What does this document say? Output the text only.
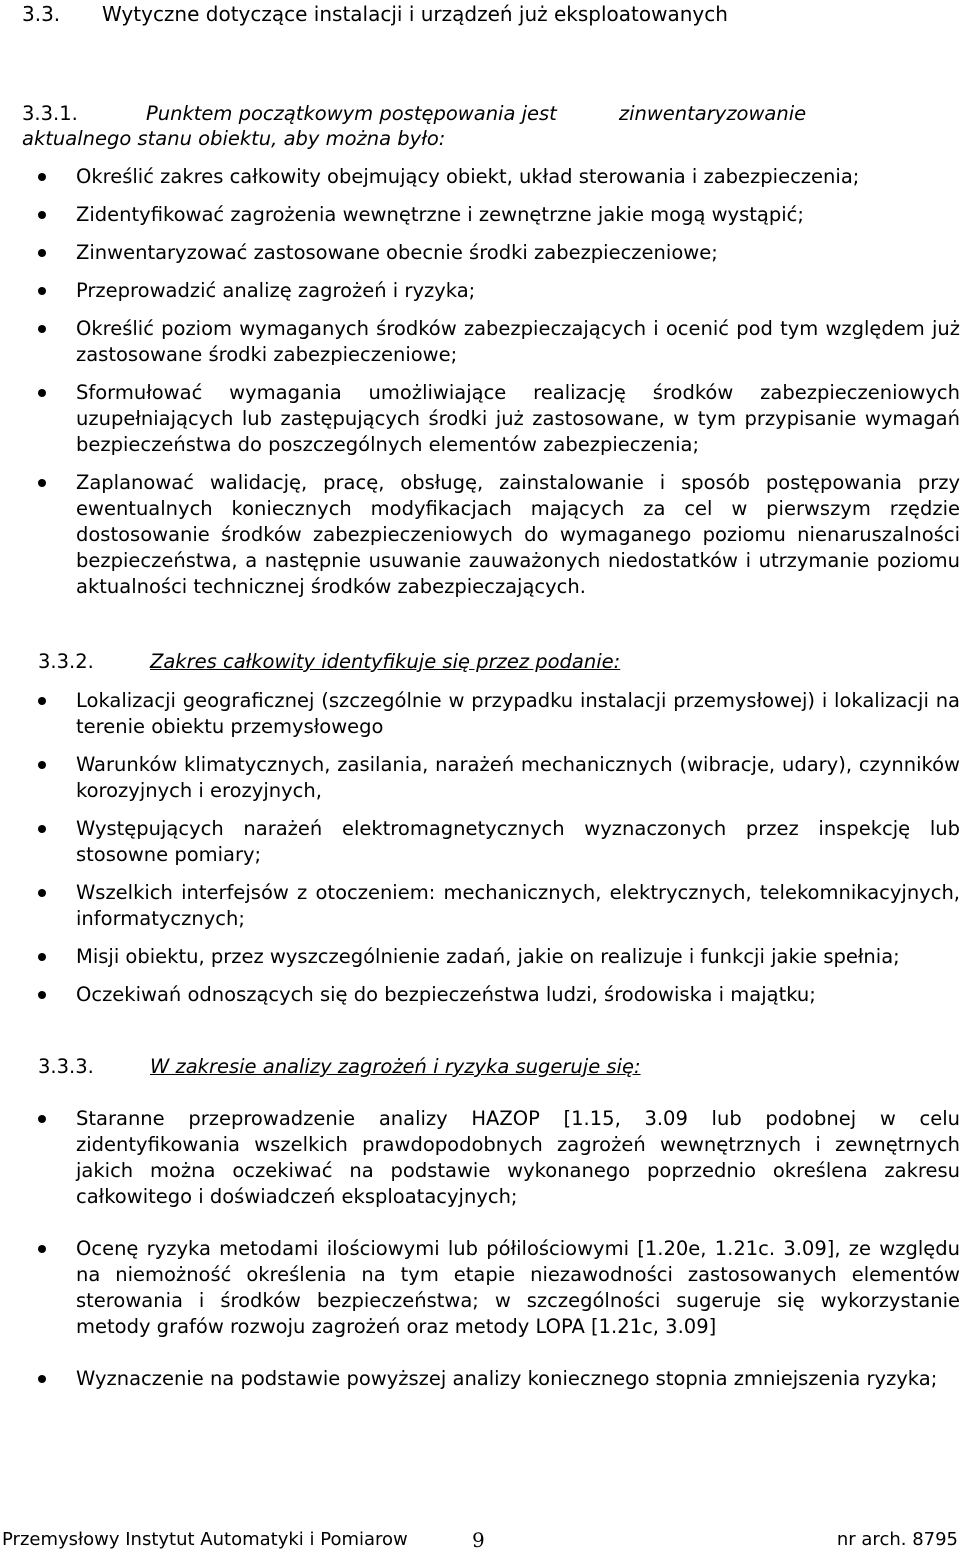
3.3. Wytyczne dotyczące instalacji i urządzeń już eksploatowanych
3.3.1.	Punktem początkowym postępowania jest	zinwentaryzowanie aktualnego stanu obiektu, aby można było:
Określić zakres całkowity obejmujący obiekt, układ sterowania i zabezpieczenia;
Zidentyfikować zagrożenia wewnętrzne i zewnętrzne jakie mogą wystąpić;
Zinwentaryzować zastosowane obecnie środki zabezpieczeniowe;
Przeprowadzić analizę zagrożeń i ryzyka;
Określić poziom wymaganych środków zabezpieczających i ocenić pod tym względem już zastosowane środki zabezpieczeniowe;
Sformułować wymagania umożliwiające realizację środków zabezpieczeniowych uzupełniających lub zastępujących środki już zastosowane, w tym przypisanie wymagań bezpieczeństwa do poszczególnych elementów zabezpieczenia;
Zaplanować walidację, pracę, obsługę, zainstalowanie i sposób postępowania przy ewentualnych koniecznych modyfikacjach mających za cel w pierwszym rzędzie dostosowanie środków zabezpieczeniowych do wymaganego poziomu nienaruszalności bezpieczeństwa, a następnie usuwanie zauważonych niedostatków i utrzymanie poziomu aktualności technicznej środków zabezpieczających.
3.3.2.	Zakres całkowity identyfikuje się przez podanie:
Lokalizacji geograficznej (szczególnie w przypadku instalacji przemysłowej) i lokalizacji na terenie obiektu przemysłowego
Warunków klimatycznych, zasilania, narażeń mechanicznych (wibracje, udary), czynników korozyjnych i erozyjnych,
Występujących narażeń elektromagnetycznych wyznaczonych przez inspekcję lub stosowne pomiary;
Wszelkich interfejsów z otoczeniem: mechanicznych, elektrycznych, telekomnikacyjnych, informatycznych;
Misji obiektu, przez wyszczególnienie zadań, jakie on realizuje i funkcji jakie spełnia;
Oczekiwań odnoszących się do bezpieczeństwa ludzi, środowiska i majątku;
3.3.3.	W zakresie analizy zagrożeń i ryzyka sugeruje się:
Staranne przeprowadzenie analizy HAZOP [1.15, 3.09 lub podobnej w celu zidentyfikowania wszelkich prawdopodobnych zagrożeń wewnętrznych i zewnętrnych jakich można oczekiwać na podstawie wykonanego poprzednio określena zakresu całkowitego i doświadczeń eksploatacyjnych;
Ocenę ryzyka metodami ilościowymi lub półilościowymi [1.20e, 1.21c. 3.09], ze względu na niemożność określenia na tym etapie niezawodności zastosowanych elementów sterowania i środków bezpieczeństwa; w szczególności sugeruje się wykorzystanie metody grafów rozwoju zagrożeń oraz metody LOPA [1.21c, 3.09]
Wyznaczenie na podstawie powyższej analizy koniecznego stopnia zmniejszenia ryzyka;
Przemysłowy Instytut Automatyki i Pomiarow	9	nr arch. 8795
